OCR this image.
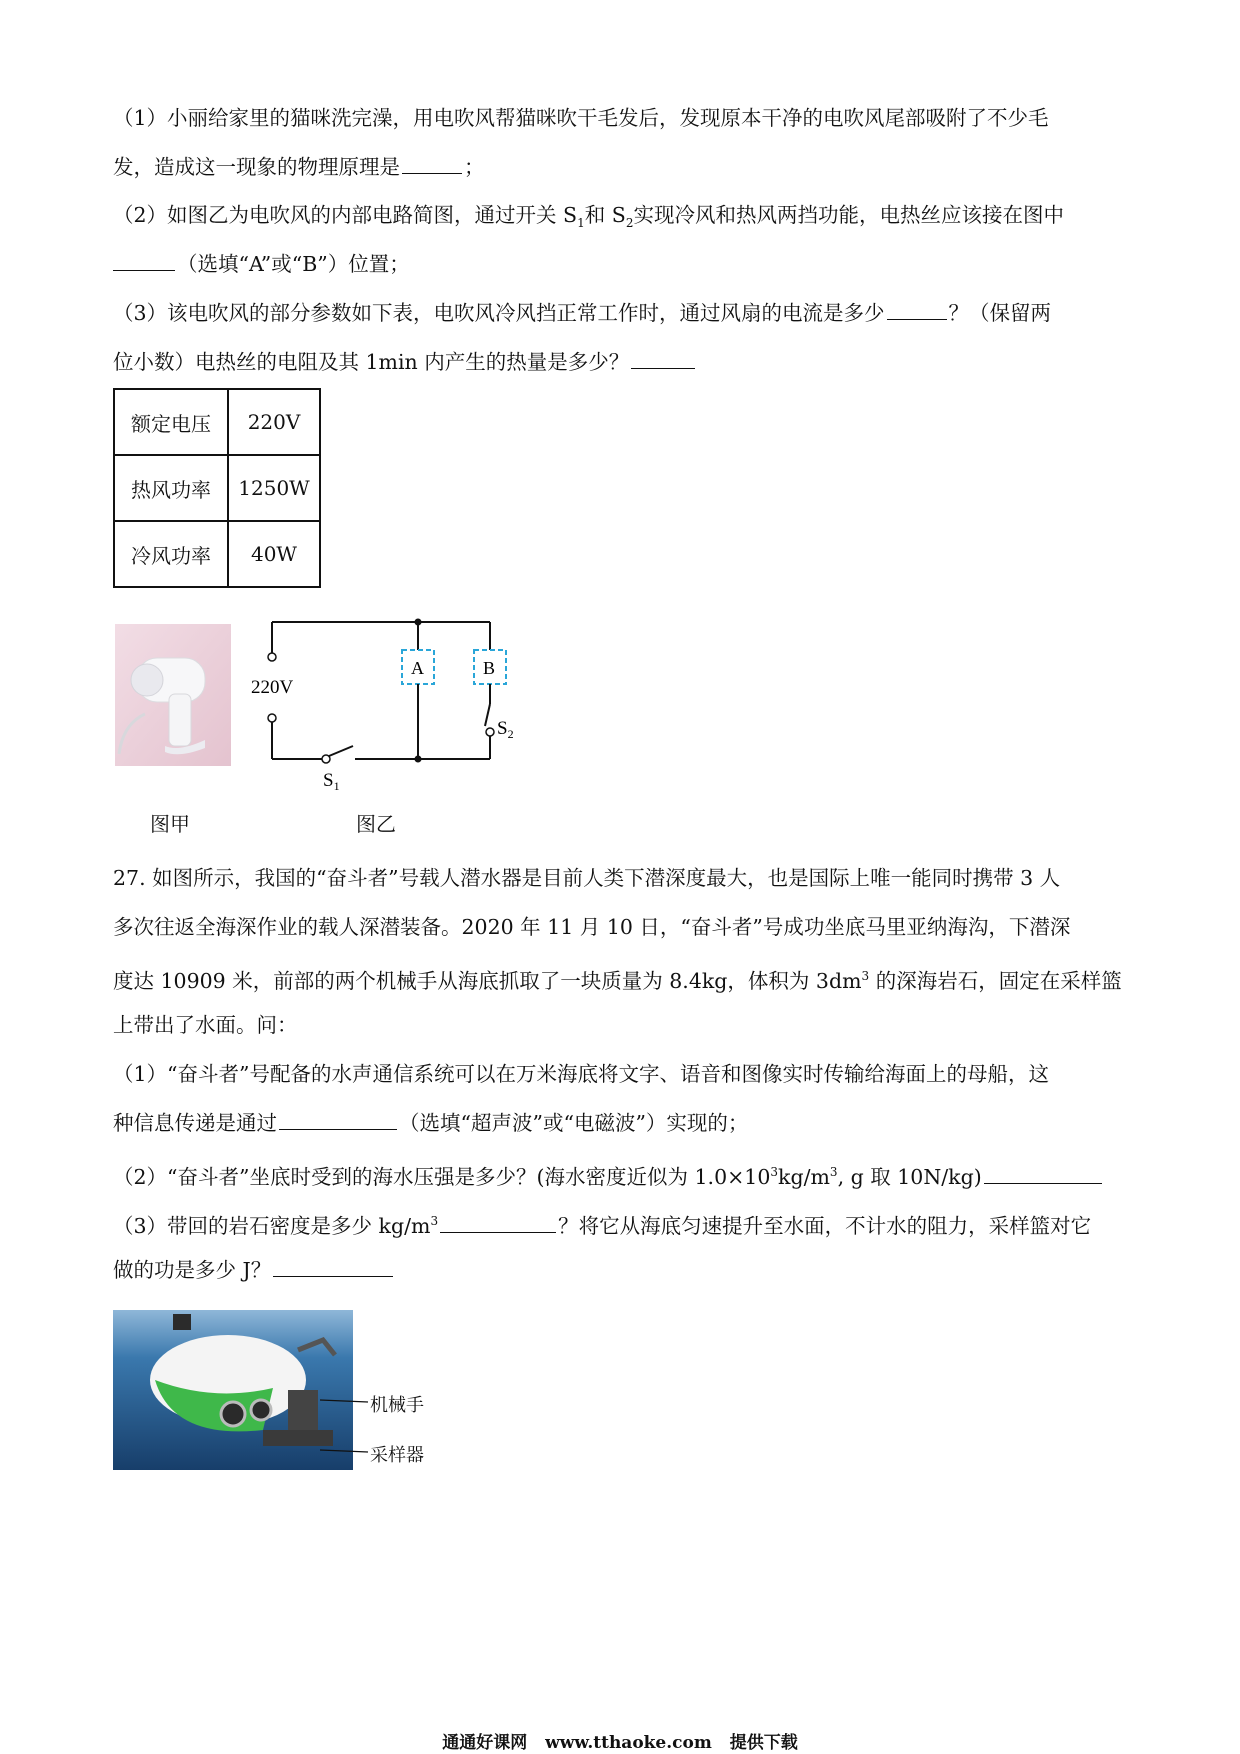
（1）小丽给家里的猫咪洗完澡，用电吹风帮猫咪吹干毛发后，发现原本干净的电吹风尾部吸附了不少毛
发，造成这一现象的物理原理是	；
（2）如图乙为电吹风的内部电路简图，通过开关 $S_1$和 $S_2$实现冷风和热风两挡功能，电热丝应该接在图中
（选填“A”或“B”）位置；
（3）该电吹风的部分参数如下表，电吹风冷风挡正常工作时，通过风扇的电流是多少	？（保留两
位小数）电热丝的电阻及其 1min 内产生的热量是多少？
额定电压	220V
热风功率	1250W
冷风功率	40W
图甲
220V
$S_1$
A	B
$S_2$
图乙
27. 如图所示，我国的“奋斗者”号载人潜水器是目前人类下潜深度最大，也是国际上唯一能同时携带 3 人
多次往返全海深作业的载人深潜装备。2020 年 11 月 10 日，“奋斗者”号成功坐底马里亚纳海沟，下潜深
度达 10909 米，前部的两个机械手从海底抓取了一块质量为 8.4kg，体积为 $3dm^3$ 的深海岩石，固定在采样篮
上带出了水面。问：
（1）“奋斗者”号配备的水声通信系统可以在万米海底将文字、语音和图像实时传输给海面上的母船，这
种信息传递是通过	（选填“超声波”或“电磁波”）实现的；
（2）“奋斗者”坐底时受到的海水压强是多少？(海水密度近似为 $1.0\times 10^3kg/m^3$, g 取 10N/kg)
（3）带回的岩石密度是多少 $kg/m^3$	？将它从海底匀速提升至水面，不计水的阻力，采样篮对它
做的功是多少 J？
机械手
采样器
通通好课网 www.tthaoke.com 提供下载
